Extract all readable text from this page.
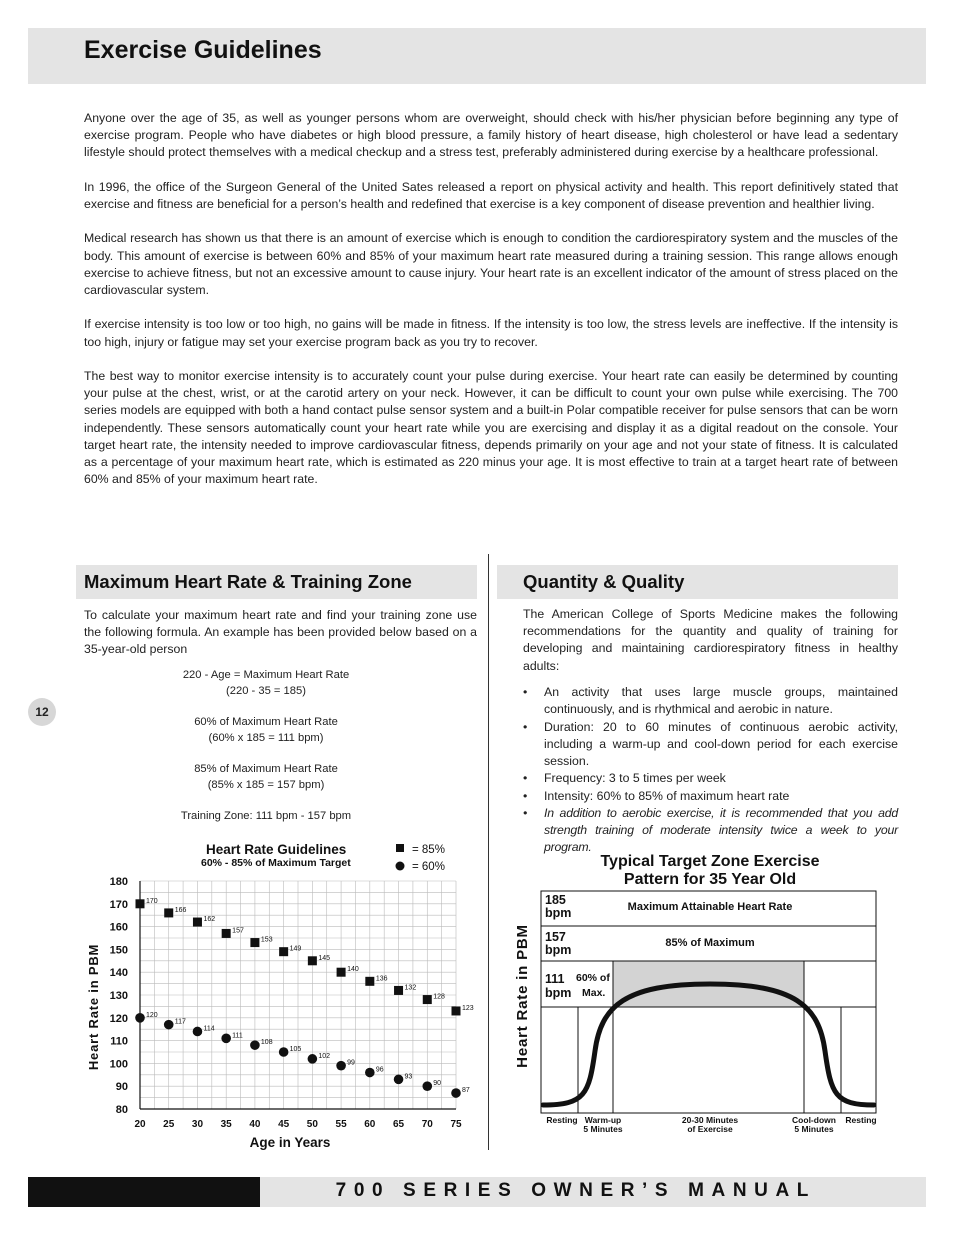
Exercise Guidelines

Anyone over the age of 35, as well as younger persons whom are overweight, should check with his/her physician before beginning any type of exercise program. People who have diabetes or high blood pressure, a family history of heart disease, high cholesterol or have lead a sedentary lifestyle should protect themselves with a medical checkup and a stress test, preferably administered during exercise by a healthcare professional.

In 1996, the office of the Surgeon General of the United Sates released a report on physical activity and health. This report definitively stated that exercise and fitness are beneficial for a person’s health and redefined that exercise is a key component of disease prevention and healthier living.

Medical research has shown us that there is an amount of exercise which is enough to condition the cardiorespiratory system and the muscles of the body. This amount of exercise is between 60% and 85% of your maximum heart rate measured during a training session. This range allows enough exercise to achieve fitness, but not an excessive amount to cause injury. Your heart rate is an excellent indicator of the amount of stress placed on the cardiovascular system.

If exercise intensity is too low or too high, no gains will be made in fitness. If the intensity is too low, the stress levels are ineffective. If the intensity is too high, injury or fatigue may set your exercise program back as you try to recover.

The best way to monitor exercise intensity is to accurately count your pulse during exercise. Your heart rate can easily be determined by counting your pulse at the chest, wrist, or at the carotid artery on your neck. However, it can be difficult to count your own pulse while exercising. The 700 series models are equipped with both a hand contact pulse sensor system and a built-in Polar compatible receiver for pulse sensors that can be worn independently. These sensors automatically count your heart rate while you are exercising and display it as a digital readout on the console. Your target heart rate, the intensity needed to improve cardiovascular fitness, depends primarily on your age and not your state of fitness. It is calculated as a percentage of your maximum heart rate, which is estimated as 220 minus your age. It is most effective to train at a target heart rate of between 60% and 85% of your maximum heart rate.

Maximum Heart Rate & Training Zone
To calculate your maximum heart rate and find your training zone use the following formula. An example has been provided below based on a 35-year-old person
220 - Age = Maximum Heart Rate
(220 - 35 = 185)
60% of Maximum Heart Rate
(60% x 185 = 111 bpm)
85% of Maximum Heart Rate
(85% x 185 = 157 bpm)
Training Zone: 111 bpm - 157 bpm
12
Heart Rate Guidelines
60% - 85% of Maximum Target
= 85%
= 60%
80
90
100
110
120
130
140
150
160
170
180
20 25 30 35 40 45 50 55 60 65 70 75
170
166
162
157
153
149
145
140
136
132
128
123
120
117
114
111
108
105
102
99
96
93
90
87
Heart Rate in PBM
Age in Years
Quantity & Quality
The American College of Sports Medicine makes the following recommendations for the quantity and quality of training for developing and maintaining cardiorespiratory fitness in healthy adults:
• An activity that uses large muscle groups, maintained continuously, and is rhythmical and aerobic in nature.
• Duration: 20 to 60 minutes of continuous aerobic activity, including a warm-up and cool-down period for each exercise session.
• Frequency: 3 to 5 times per week
• Intensity: 60% to 85% of maximum heart rate
• In addition to aerobic exercise, it is recommended that you add strength training of moderate intensity twice a week to your program.
Typical Target Zone Exercise
Pattern for 35 Year Old
Heart Rate in PBM
185
bpm	Maximum Attainable Heart Rate
157
bpm	85% of Maximum
111
bpm
60% of
Max.
Resting Warm-up
5 Minutes
20-30 Minutes
of Exercise
Cool-down
5 Minutes
Resting
700 SERIES OWNER’S MANUAL
